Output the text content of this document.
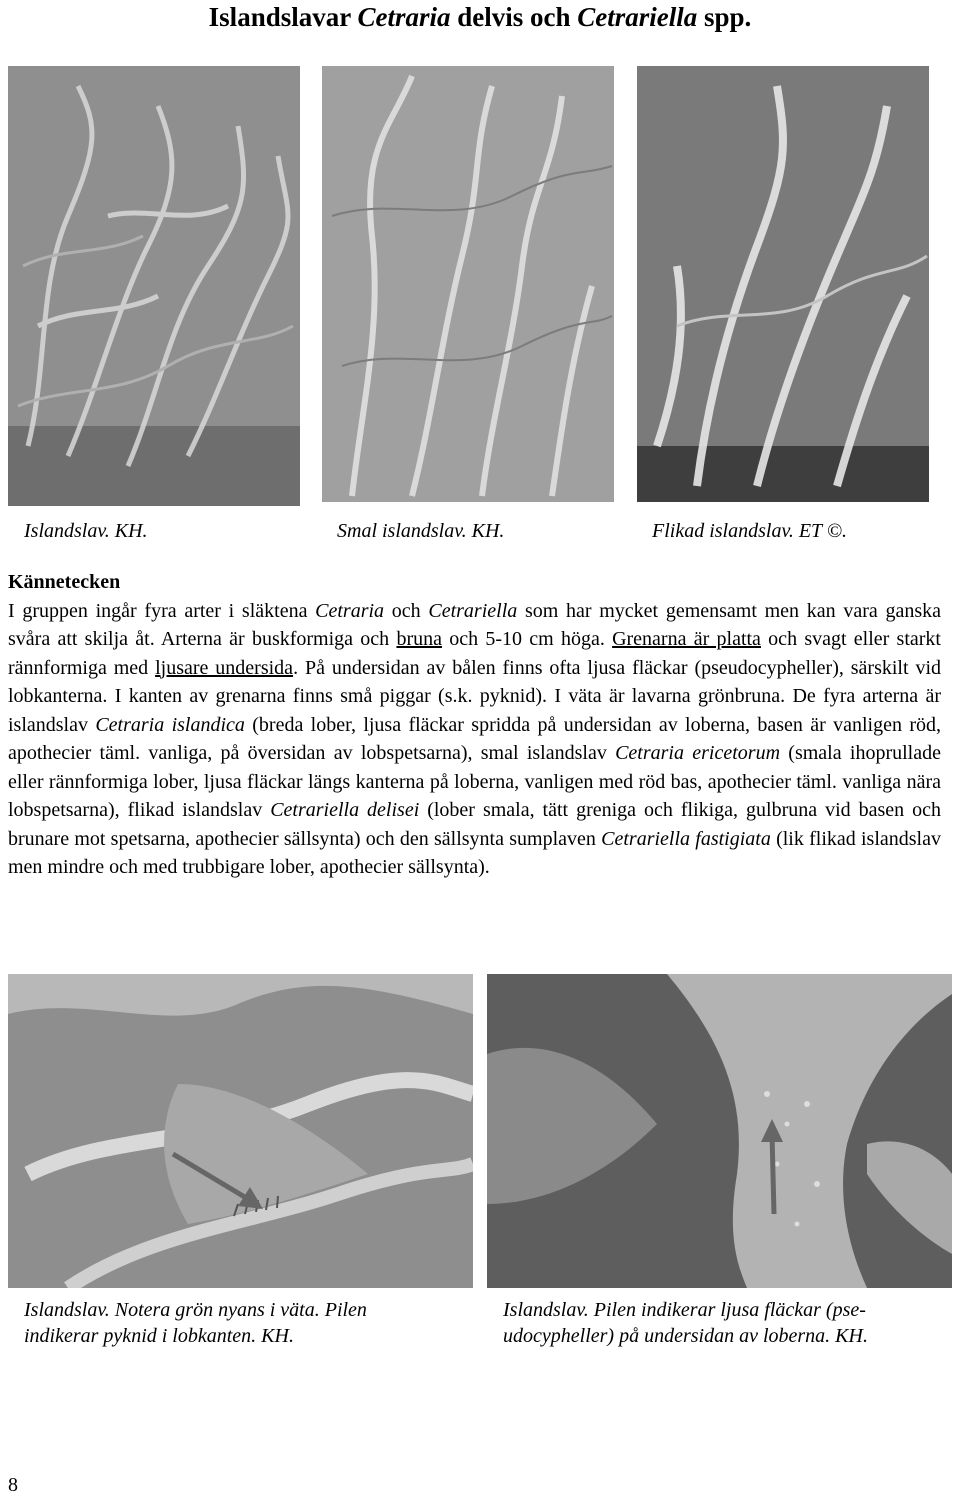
Islandslavar Cetraria delvis och Cetrariella spp.
Islandslav. KH.	Smal islandslav. KH.	Flikad islandslav. ET ©.
Kännetecken

I gruppen ingår fyra arter i släktena Cetraria och Cetrariella som har mycket gemensamt men kan vara ganska svåra att skilja åt. Arterna är buskformiga och bruna och 5-10 cm höga. Grenarna är platta och svagt eller starkt rännformiga med ljusare undersida. På undersidan av bålen finns ofta ljusa fläckar (pseudocypheller), särskilt vid lobkanterna. I kanten av grenarna finns små piggar (s.k. pyknid). I väta är lavarna grönbruna. De fyra arterna är islandslav Cetraria islandica (breda lober, ljusa fläckar spridda på undersidan av loberna, basen är vanligen röd, apothecier täml. vanliga, på översidan av lobspetsarna), smal islandslav Cetraria ericetorum (smala ihoprullade eller rännformiga lober, ljusa fläckar längs kanterna på loberna, vanligen med röd bas, apothecier täml. vanliga nära lobspetsarna), flikad islandslav Cetrariella delisei (lober smala, tätt greniga och flikiga, gulbruna vid basen och brunare mot spetsarna, apothecier sällsynta) och den sällsynta sumplaven Cetrariella fastigiata (lik flikad islandslav men mindre och med trubbigare lober, apothecier sällsynta).

Islandslav. Notera grön nyans i väta. Pilen
indikerar pyknid i lobkanten. KH.
Islandslav. Pilen indikerar ljusa fläckar (pse-
udocypheller) på undersidan av loberna. KH.
8
